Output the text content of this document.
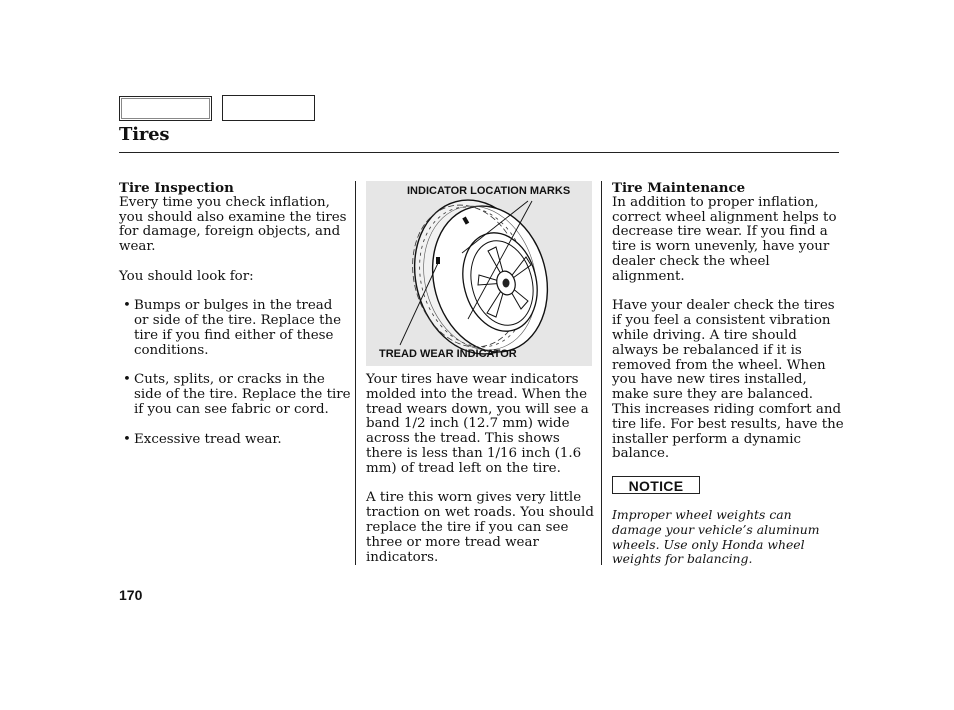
Tires

Tire Inspection

Every time you check inflation, you should also examine the tires for damage, foreign objects, and wear.

You should look for:

• Bumps or bulges in the tread or side of the tire. Replace the tire if you find either of these conditions.
• Cuts, splits, or cracks in the side of the tire. Replace the tire if you can see fabric or cord.
• Excessive tread wear.
INDICATOR LOCATION MARKS
TREAD WEAR INDICATOR

Your tires have wear indicators molded into the tread. When the tread wears down, you will see a band 1/2 inch (12.7 mm) wide across the tread. This shows there is less than 1/16 inch (1.6 mm) of tread left on the tire.

A tire this worn gives very little traction on wet roads. You should replace the tire if you can see three or more tread wear indicators.

Tire Maintenance

In addition to proper inflation, correct wheel alignment helps to decrease tire wear. If you find a tire is worn unevenly, have your dealer check the wheel alignment.

Have your dealer check the tires if you feel a consistent vibration while driving. A tire should always be rebalanced if it is removed from the wheel. When you have new tires installed, make sure they are balanced. This increases riding comfort and tire life. For best results, have the installer perform a dynamic balance.

NOTICE

Improper wheel weights can damage your vehicle’s aluminum wheels. Use only Honda wheel weights for balancing.

170
